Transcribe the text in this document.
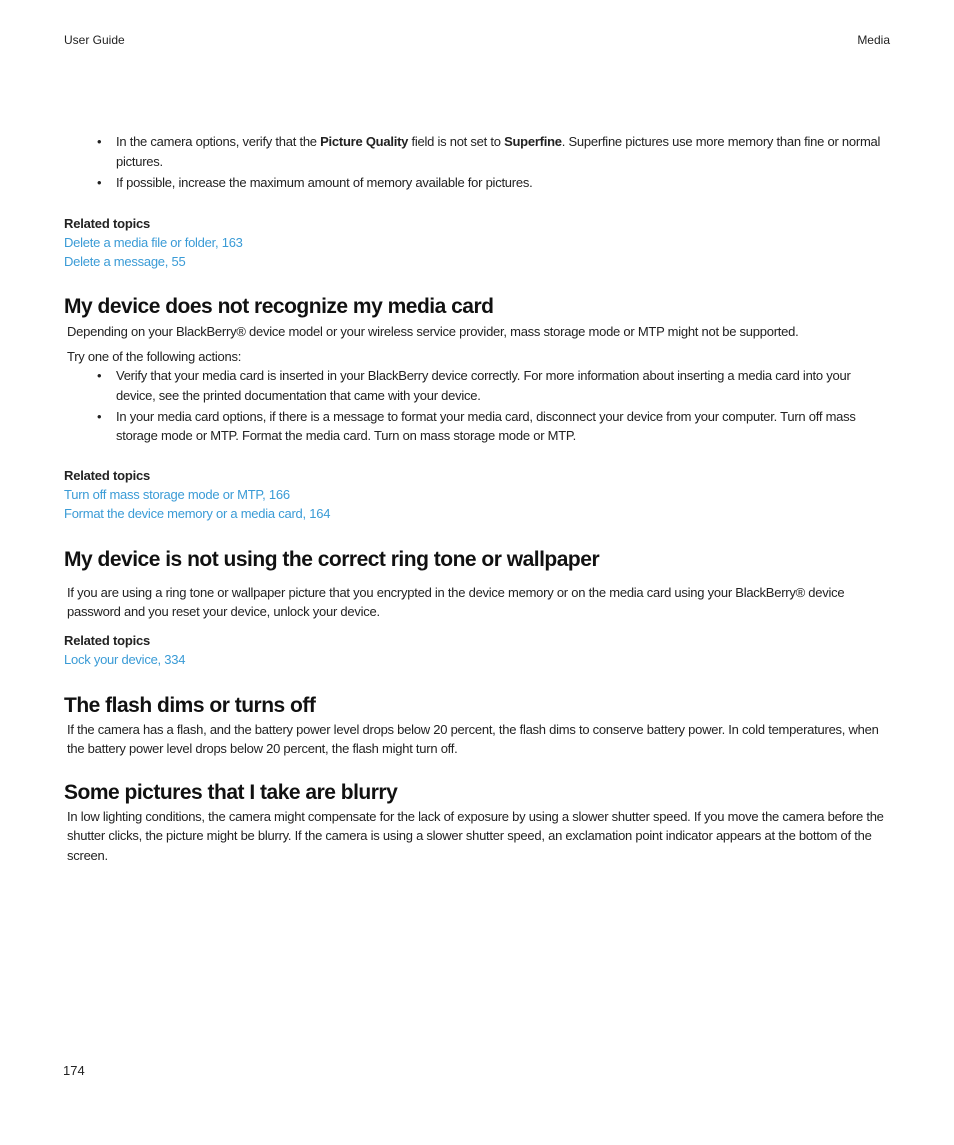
User Guide	Media
• In the camera options, verify that the Picture Quality field is not set to Superfine. Superfine pictures use more memory than fine or normal pictures.
• If possible, increase the maximum amount of memory available for pictures.
Related topics
Delete a media file or folder, 163
Delete a message, 55
My device does not recognize my media card

Depending on your BlackBerry® device model or your wireless service provider, mass storage mode or MTP might not be supported.

Try one of the following actions:

• Verify that your media card is inserted in your BlackBerry device correctly. For more information about inserting a media card into your device, see the printed documentation that came with your device.
• In your media card options, if there is a message to format your media card, disconnect your device from your computer. Turn off mass storage mode or MTP. Format the media card. Turn on mass storage mode or MTP.
Related topics
Turn off mass storage mode or MTP, 166
Format the device memory or a media card, 164
My device is not using the correct ring tone or wallpaper

If you are using a ring tone or wallpaper picture that you encrypted in the device memory or on the media card using your BlackBerry® device password and you reset your device, unlock your device.

Related topics
Lock your device, 334
The flash dims or turns off

If the camera has a flash, and the battery power level drops below 20 percent, the flash dims to conserve battery power. In cold temperatures, when the battery power level drops below 20 percent, the flash might turn off.

Some pictures that I take are blurry

In low lighting conditions, the camera might compensate for the lack of exposure by using a slower shutter speed. If you move the camera before the shutter clicks, the picture might be blurry. If the camera is using a slower shutter speed, an exclamation point indicator appears at the bottom of the screen.

174
